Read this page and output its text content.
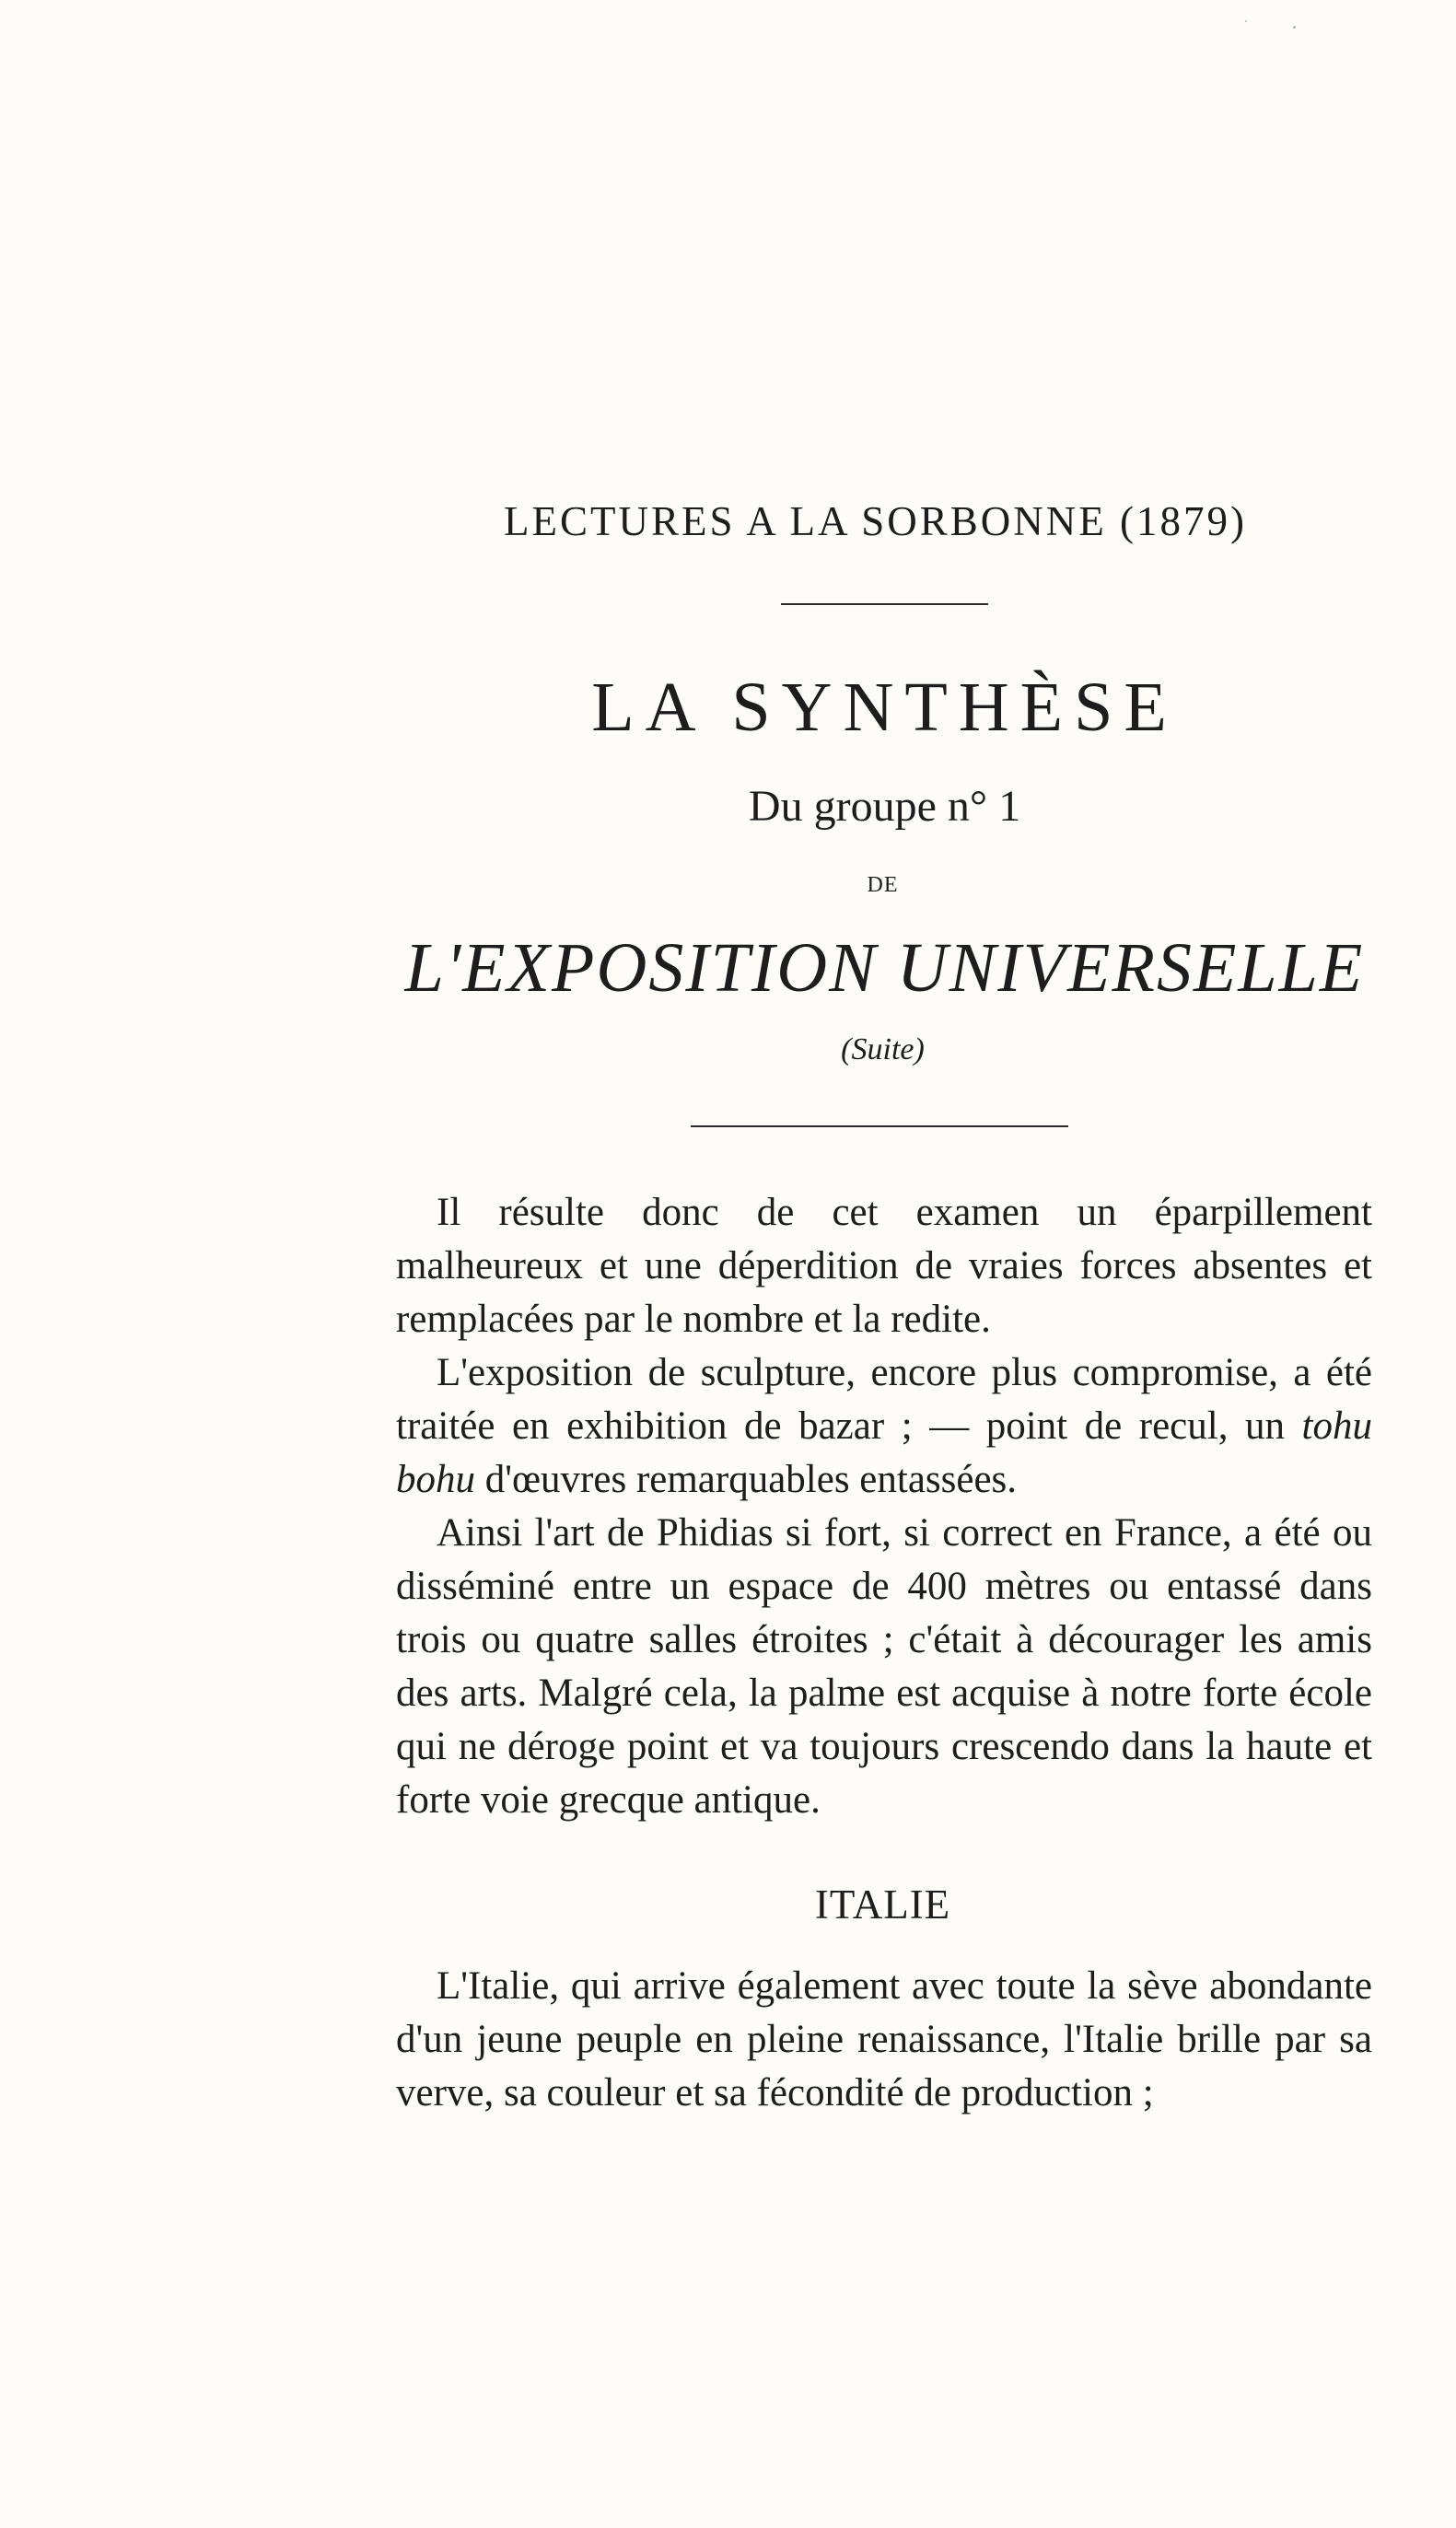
LECTURES A LA SORBONNE (1879)
LA SYNTHÈSE
Du groupe n° 1
DE
L'EXPOSITION UNIVERSELLE
(Suite)

Il résulte donc de cet examen un éparpillement malheureux et une déperdition de vraies forces absentes et remplacées par le nombre et la redite.

L'exposition de sculpture, encore plus compromise, a été traitée en exhibition de bazar ; — point de recul, un tohu bohu d'œuvres remarquables entassées.

Ainsi l'art de Phidias si fort, si correct en France, a été ou disséminé entre un espace de 400 mètres ou entassé dans trois ou quatre salles étroites ; c'était à décourager les amis des arts. Malgré cela, la palme est acquise à notre forte école qui ne déroge point et va toujours crescendo dans la haute et forte voie grecque antique.

ITALIE

L'Italie, qui arrive également avec toute la sève abondante d'un jeune peuple en pleine renaissance, l'Italie brille par sa verve, sa couleur et sa fécondité de production ;
